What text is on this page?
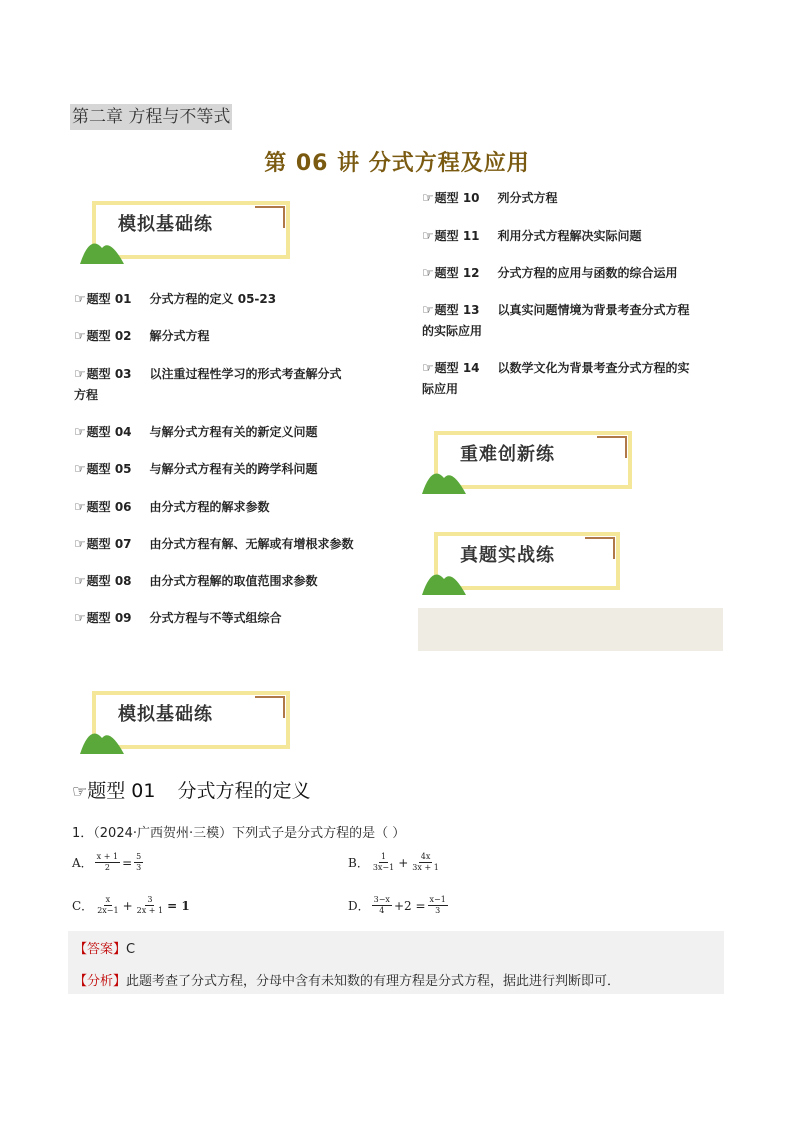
第二章 方程与不等式
第 06 讲 分式方程及应用
模拟基础练
☞题型 01 分式方程的定义 05-23
☞题型 02 解分式方程
☞题型 03 以注重过程性学习的形式考查解分式
方程
☞题型 04 与解分式方程有关的新定义问题
☞题型 05 与解分式方程有关的跨学科问题
☞题型 06 由分式方程的解求参数
☞题型 07 由分式方程有解、无解或有增根求参数
☞题型 08 由分式方程解的取值范围求参数
☞题型 09 分式方程与不等式组综合
☞题型 10 列分式方程
☞题型 11 利用分式方程解决实际问题
☞题型 12 分式方程的应用与函数的综合运用
☞题型 13 以真实问题情境为背景考查分式方程
的实际应用
☞题型 14 以数学文化为背景考查分式方程的实
际应用
重难创新练
真题实战练
模拟基础练
☞题型 01 分式方程的定义
1．（2024·广西贺州·三模）下列式子是分式方程的是（ ）
A． $\frac{x + 1}{2} = \frac{5}{3}$	B． $\frac{1}{3x-1} + \frac{4x}{3x + 1}$
C． $\frac{x}{2x-1} + \frac{3}{2x + 1} = 1$	D． $\frac{3-x}{4} +2 = \frac{x-1}{3}$
【答案】C
【分析】此题考查了分式方程，分母中含有未知数的有理方程是分式方程，据此进行判断即可．
